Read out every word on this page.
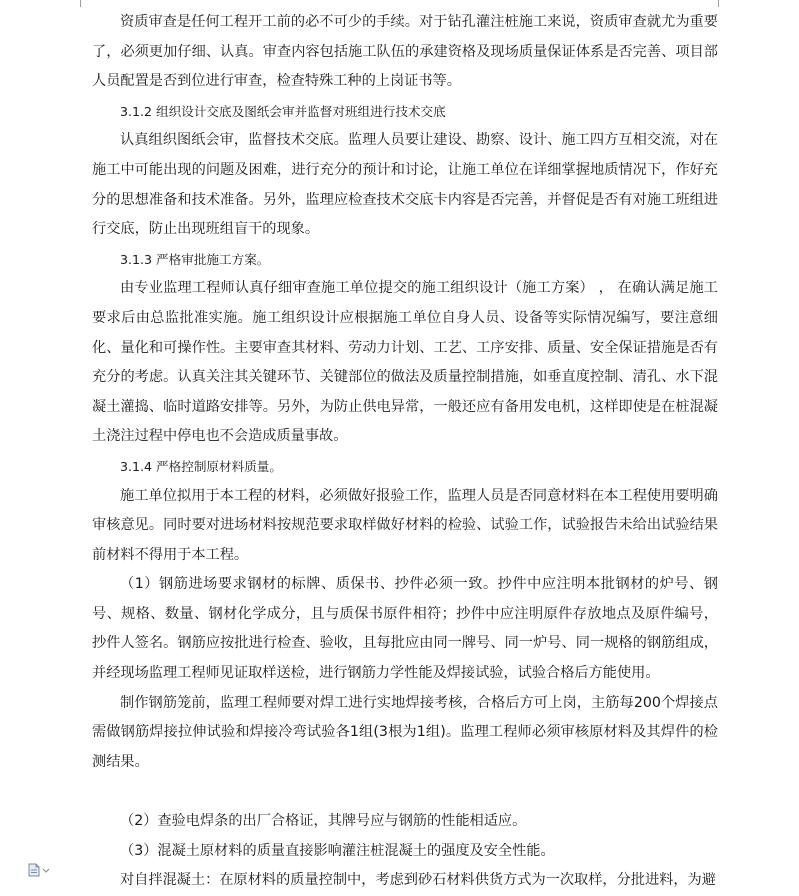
资质审查是任何工程开工前的必不可少的手续。对于钻孔灌注桩施工来说，资质审查就尤为重要了，必须更加仔细、认真。审查内容包括施工队伍的承建资格及现场质量保证体系是否完善、项目部人员配置是否到位进行审查，检查特殊工种的上岗证书等。

3.1.2 组织设计交底及图纸会审并监督对班组进行技术交底

认真组织图纸会审，监督技术交底。监理人员要让建设、勘察、设计、施工四方互相交流，对在施工中可能出现的问题及困难，进行充分的预计和讨论，让施工单位在详细掌握地质情况下，作好充分的思想准备和技术准备。另外，监理应检查技术交底卡内容是否完善，并督促是否有对施工班组进行交底，防止出现班组盲干的现象。

3.1.3 严格审批施工方案。

由专业监理工程师认真仔细审查施工单位提交的施工组织设计（施工方案） ， 在确认满足施工要求后由总监批准实施。施工组织设计应根据施工单位自身人员、设备等实际情况编写，要注意细化、量化和可操作性。主要审查其材料、劳动力计划、工艺、工序安排、质量、安全保证措施是否有充分的考虑。认真关注其关键环节、关键部位的做法及质量控制措施，如垂直度控制、清孔、水下混凝土灌捣、临时道路安排等。另外，为防止供电异常，一般还应有备用发电机，这样即使是在桩混凝土浇注过程中停电也不会造成质量事故。

3.1.4 严格控制原材料质量。

施工单位拟用于本工程的材料，必须做好报验工作，监理人员是否同意材料在本工程使用要明确审核意见。同时要对进场材料按规范要求取样做好材料的检验、试验工作，试验报告未给出试验结果前材料不得用于本工程。

（1）钢筋进场要求钢材的标牌、质保书、抄件必须一致。抄件中应注明本批钢材的炉号、钢号、规格、数量、钢材化学成分，且与质保书原件相符；抄件中应注明原件存放地点及原件编号， 抄件人签名。钢筋应按批进行检查、验收，且每批应由同一牌号、同一炉号、同一规格的钢筋组成，并经现场监理工程师见证取样送检，进行钢筋力学性能及焊接试验，试验合格后方能使用。

制作钢筋笼前，监理工程师要对焊工进行实地焊接考核，合格后方可上岗，主筋每200个焊接点需做钢筋焊接拉伸试验和焊接冷弯试验各1组(3根为1组)。监理工程师必须审核原材料及其焊件的检测结果。

（2）查验电焊条的出厂合格证，其牌号应与钢筋的性能相适应。

（3）混凝土原材料的质量直接影响灌注桩混凝土的强度及安全性能。

对自拌混凝土：在原材料的质量控制中，考虑到砂石材料供货方式为一次取样，分批进料，为避
